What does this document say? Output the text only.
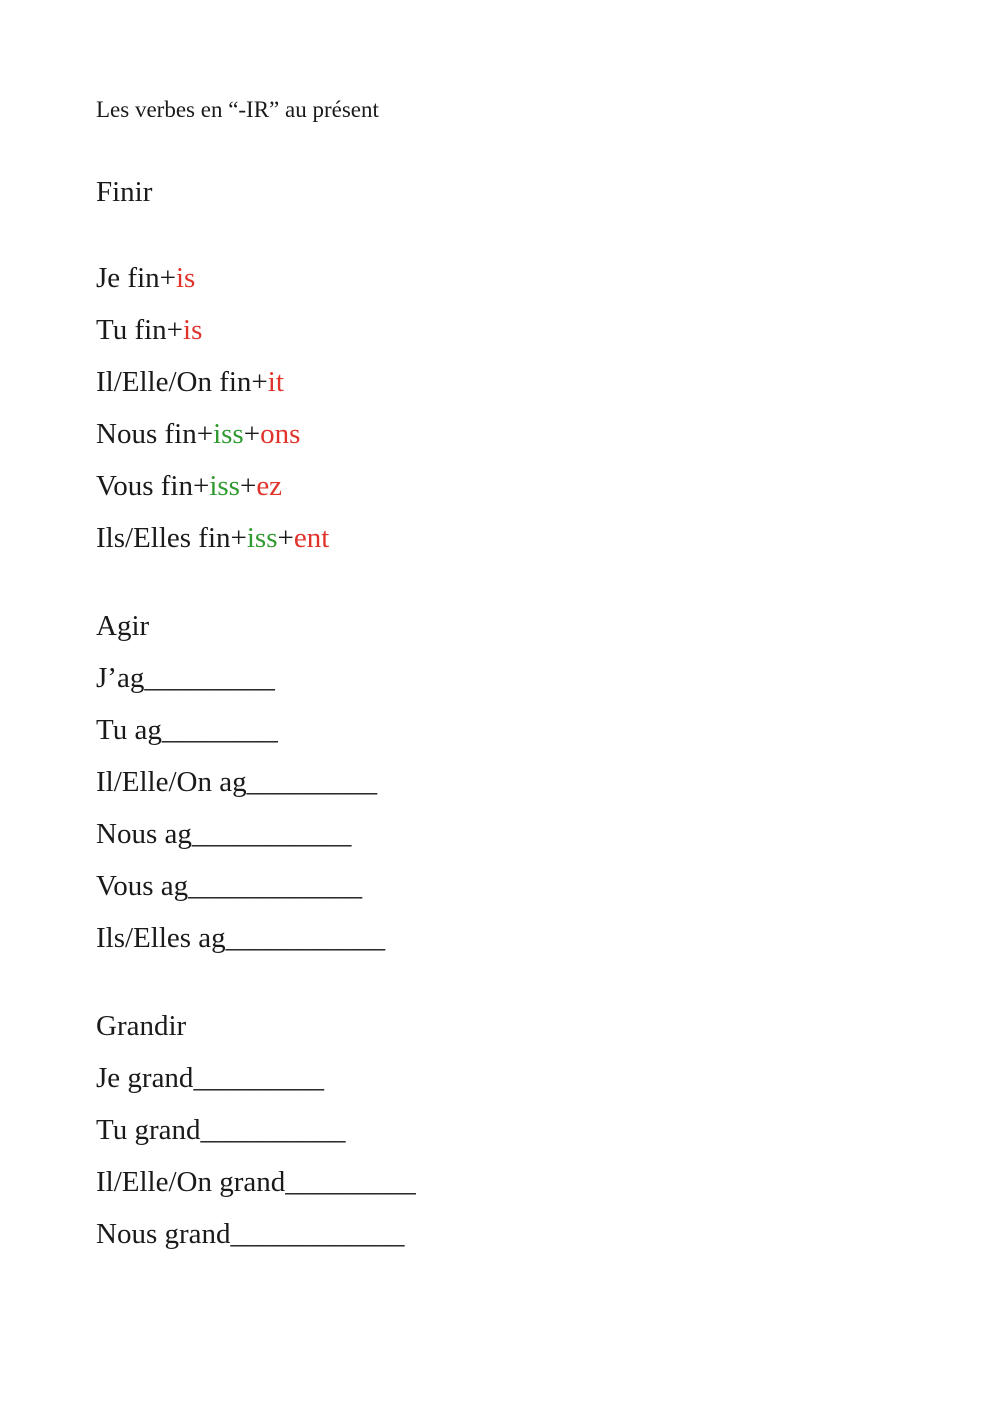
Les verbes en “-IR” au présent
Finir
Je fin+is
Tu fin+is
Il/Elle/On fin+it
Nous fin+iss+ons
Vous fin+iss+ez
Ils/Elles fin+iss+ent
Agir
J’ag_________
Tu ag________
Il/Elle/On ag_________
Nous ag___________
Vous ag____________
Ils/Elles ag___________
Grandir
Je grand_________
Tu grand__________
Il/Elle/On grand_________
Nous grand____________
